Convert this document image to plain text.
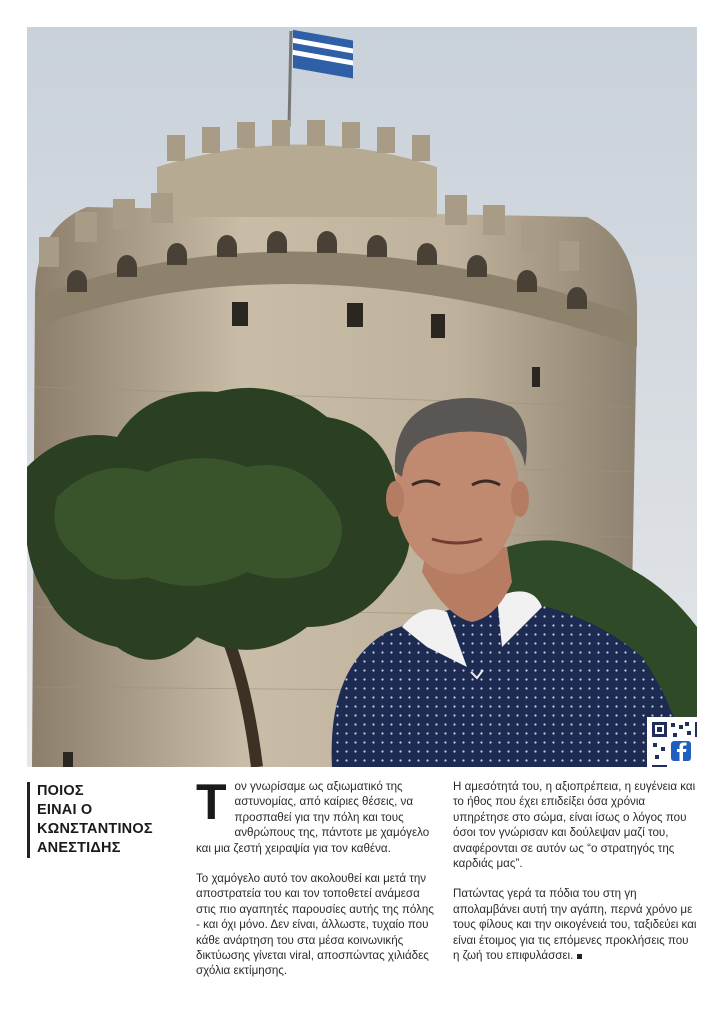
ΠΟΙΟΣ
ΕΙΝΑΙ Ο
ΚΩΝΣΤΑΝΤΙΝΟΣ
ΑΝΕΣΤΙΔΗΣ

Τον γνωρίσαμε ως αξιωματικό της αστυνομίας, από καίριες θέσεις, να προσπαθεί για την πόλη και τους ανθρώπους της, πάντοτε με χαμόγελο και μια ζεστή χειραψία για τον καθένα.

Το χαμόγελο αυτό τον ακολουθεί και μετά την αποστρατεία του και τον τοποθετεί ανάμεσα στις πιο αγαπητές παρουσίες αυτής της πόλης - και όχι μόνο. Δεν είναι, άλλωστε, τυχαίο που κάθε ανάρτηση του στα μέσα κοινωνικής δικτύωσης γίνεται viral, αποσπώντας χιλιάδες σχόλια εκτίμησης.

Η αμεσότητά του, η αξιοπρέπεια, η ευγένεια και το ήθος που έχει επιδείξει όσα χρόνια υπηρέτησε στο σώμα, είναι ίσως ο λόγος που όσοι τον γνώρισαν και δούλεψαν μαζί του, αναφέρονται σε αυτόν ως “ο στρατηγός της καρδιάς μας”.

Πατώντας γερά τα πόδια του στη γη απολαμβάνει αυτή την αγάπη, περνά χρόνο με τους φίλους και την οικογένειά του, ταξιδεύει και είναι έτοιμος για τις επόμενες προκλήσεις που η ζωή του επιφυλάσσει.
